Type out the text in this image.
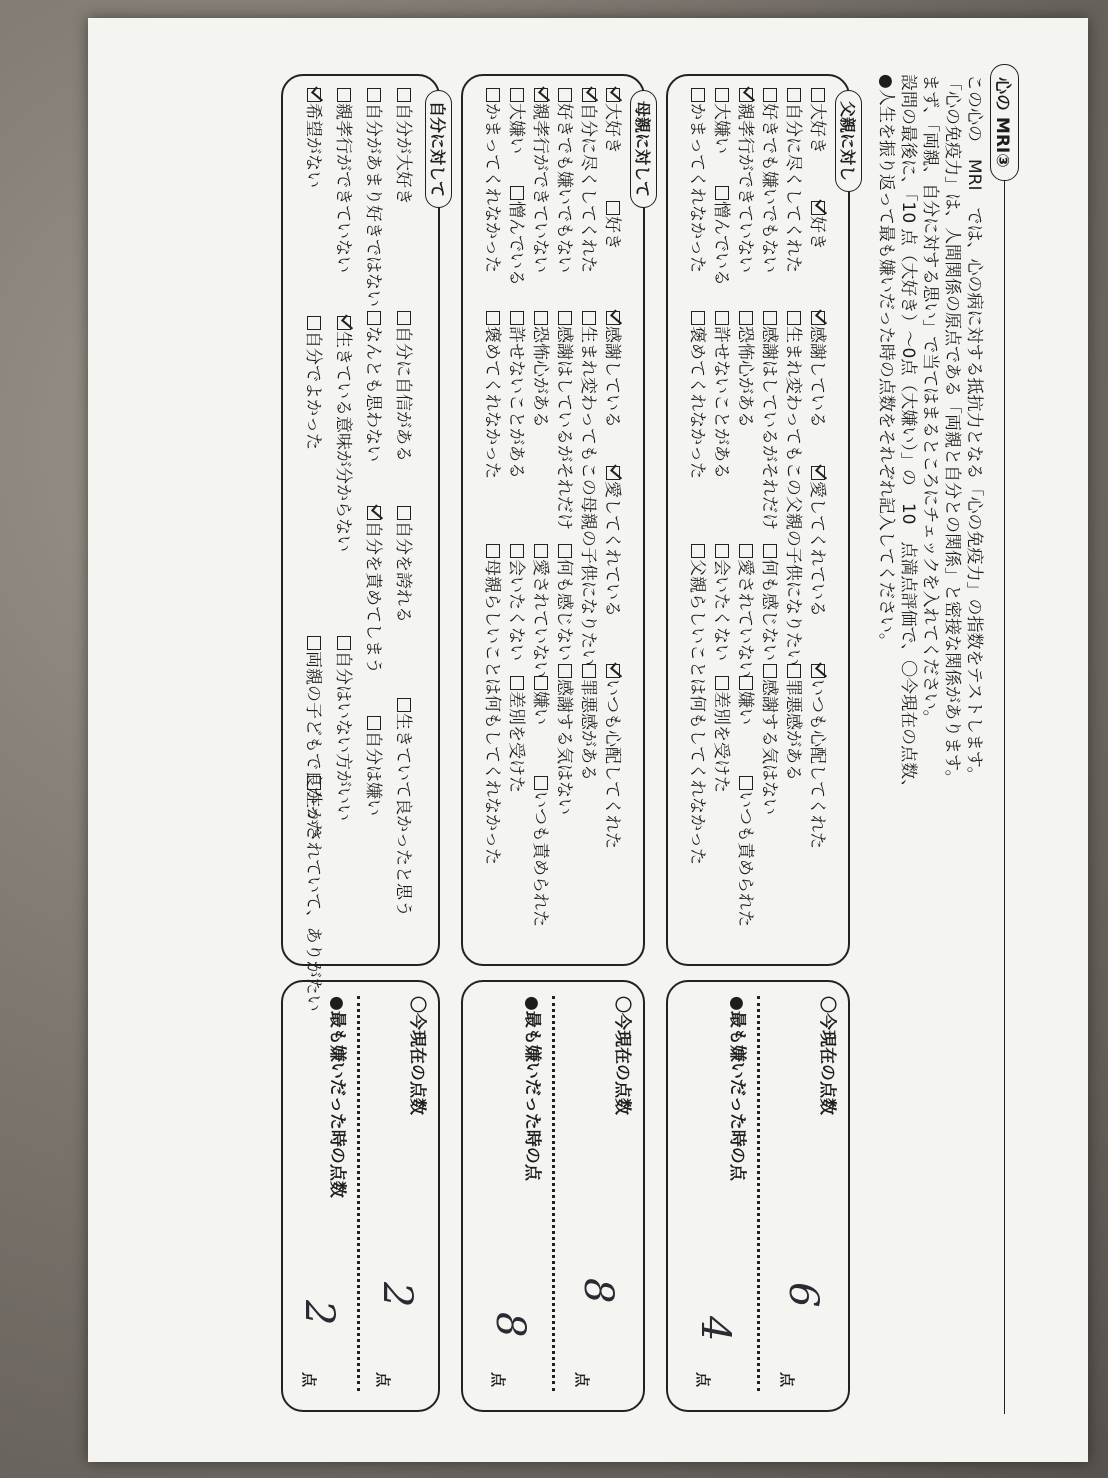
心の MRI③
この心の　MRI　では、心の病に対する抵抗力となる「心の免疫力」の指数をテストします。
「心の免疫力」は、人間関係の原点である「両親と自分との関係」と密接な関係があります。
まず、「両親、自分に対する思い」で当てはまるところにチェックを入れてください。
設問の最後に、「10 点（大好き）～0点（大嫌い）」の　10　点満点評価で、〇今現在の点数、
●人生を振り返って最も嫌いだった時の点数をそれぞれ記入してください。
父親に対し
大好き
好き
感謝している
愛してくれている
いつも心配してくれた
自分に尽くしてくれた
生まれ変わってもこの父親の子供になりたい
罪悪感がある
好きでも嫌いでもない
感謝はしているがそれだけ
何も感じない
感謝する気はない
親孝行ができていない
恐怖心がある
愛されていない
嫌い
いつも責められた
大嫌い
憎んでいる
許せないことがある
会いたくない
差別を受けた
かまってくれなかった
褒めてくれなかった
父親らしいことは何もしてくれなかった
〇今現在の点数
点
6
●最も嫌いだった時の点
点
4
母親に対して
大好き
好き
感謝している
愛してくれている
いつも心配してくれた
自分に尽くしてくれた
生まれ変わってもこの母親の子供になりたい
罪悪感がある
好きでも嫌いでもない
感謝はしているがそれだけ
何も感じない
感謝する気はない
親孝行ができていない
恐怖心がある
愛されていない
嫌い
いつも責められた
大嫌い
憎んでいる
許せないことがある
会いたくない
差別を受けた
かまってくれなかった
褒めてくれなかった
母親らしいことは何もしてくれなかった
〇今現在の点数
点
8
●最も嫌いだった時の点
点
8
自分に対して
自分が大好き
自分に自信がある
自分を誇れる
生きていて良かったと思う
自分があまり好きではない
なんとも思わない
自分を責めてしまう
自分は嫌い
親孝行ができていない
生きている意味が分からない
自分はいない方がいい
希望がない
自分でよかった
両親の子どもで良かった
生かされていて、ありがたい
〇今現在の点数
点
2
●最も嫌いだった時の点数
点
2
